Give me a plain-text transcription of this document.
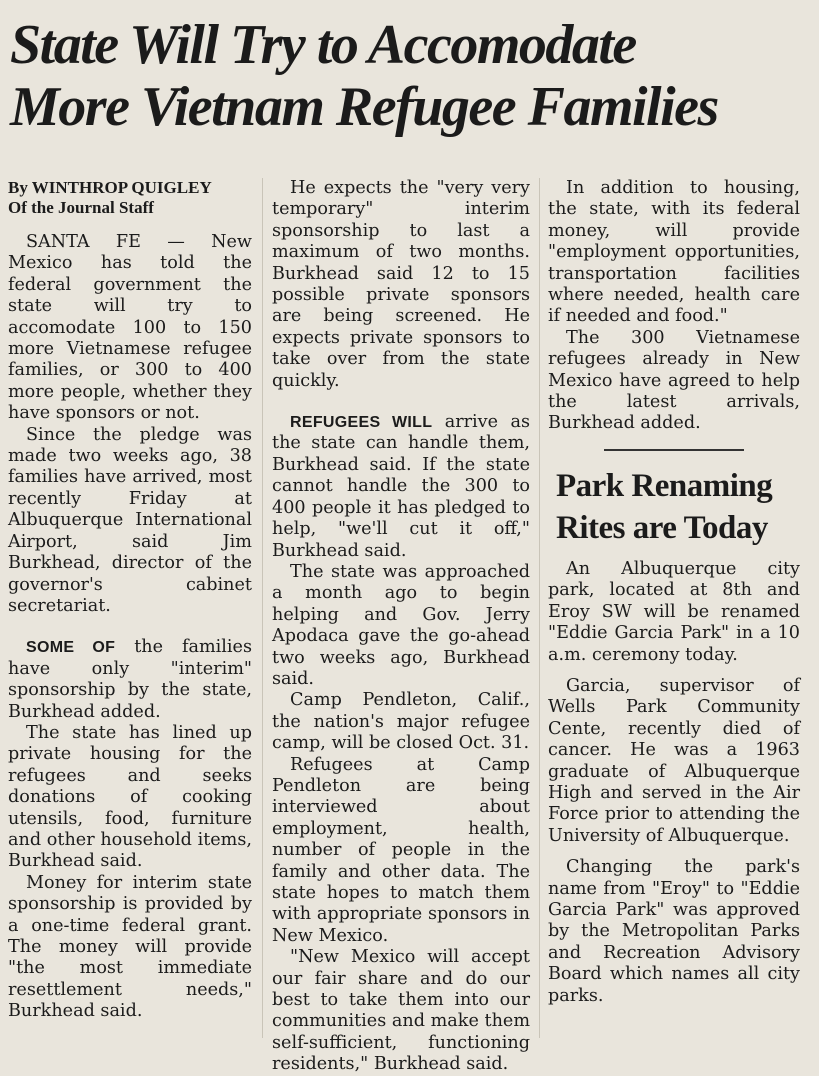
State Will Try to Accomodate
More Vietnam Refugee Families
By WINTHROP QUIGLEY
Of the Journal Staff

SANTA FE — New Mexico has told the federal government the state will try to accomodate 100 to 150 more Vietnamese refugee families, or 300 to 400 more people, whether they have sponsors or not.

Since the pledge was made two weeks ago, 38 families have arrived, most recently Friday at Albuquerque International Airport, said Jim Burkhead, director of the governor's cabinet secretariat.

SOME OF the families have only "interim" sponsorship by the state, Burkhead added.

The state has lined up private housing for the refugees and seeks donations of cooking utensils, food, furniture and other household items, Burkhead said.

Money for interim state sponsorship is provided by a one-time federal grant. The money will provide "the most immediate resettlement needs," Burkhead said.

He expects the "very very temporary" interim sponsorship to last a maximum of two months. Burkhead said 12 to 15 possible private sponsors are being screened. He expects private sponsors to take over from the state quickly.

REFUGEES WILL arrive as the state can handle them, Burkhead said. If the state cannot handle the 300 to 400 people it has pledged to help, "we'll cut it off," Burkhead said.

The state was approached a month ago to begin helping and Gov. Jerry Apodaca gave the go-ahead two weeks ago, Burkhead said.

Camp Pendleton, Calif., the nation's major refugee camp, will be closed Oct. 31.

Refugees at Camp Pendleton are being interviewed about employment, health, number of people in the family and other data. The state hopes to match them with appropriate sponsors in New Mexico.

"New Mexico will accept our fair share and do our best to take them into our communities and make them self-sufficient, functioning residents," Burkhead said.

In addition to housing, the state, with its federal money, will provide "employment opportunities, transportation facilities where needed, health care if needed and food."

The 300 Vietnamese refugees already in New Mexico have agreed to help the latest arrivals, Burkhead added.

Park Renaming
Rites are Today

An Albuquerque city park, located at 8th and Eroy SW will be renamed "Eddie Garcia Park" in a 10 a.m. ceremony today.

Garcia, supervisor of Wells Park Community Cente, recently died of cancer. He was a 1963 graduate of Albuquerque High and served in the Air Force prior to attending the University of Albuquerque.

Changing the park's name from "Eroy" to "Eddie Garcia Park" was approved by the Metropolitan Parks and Recreation Advisory Board which names all city parks.
